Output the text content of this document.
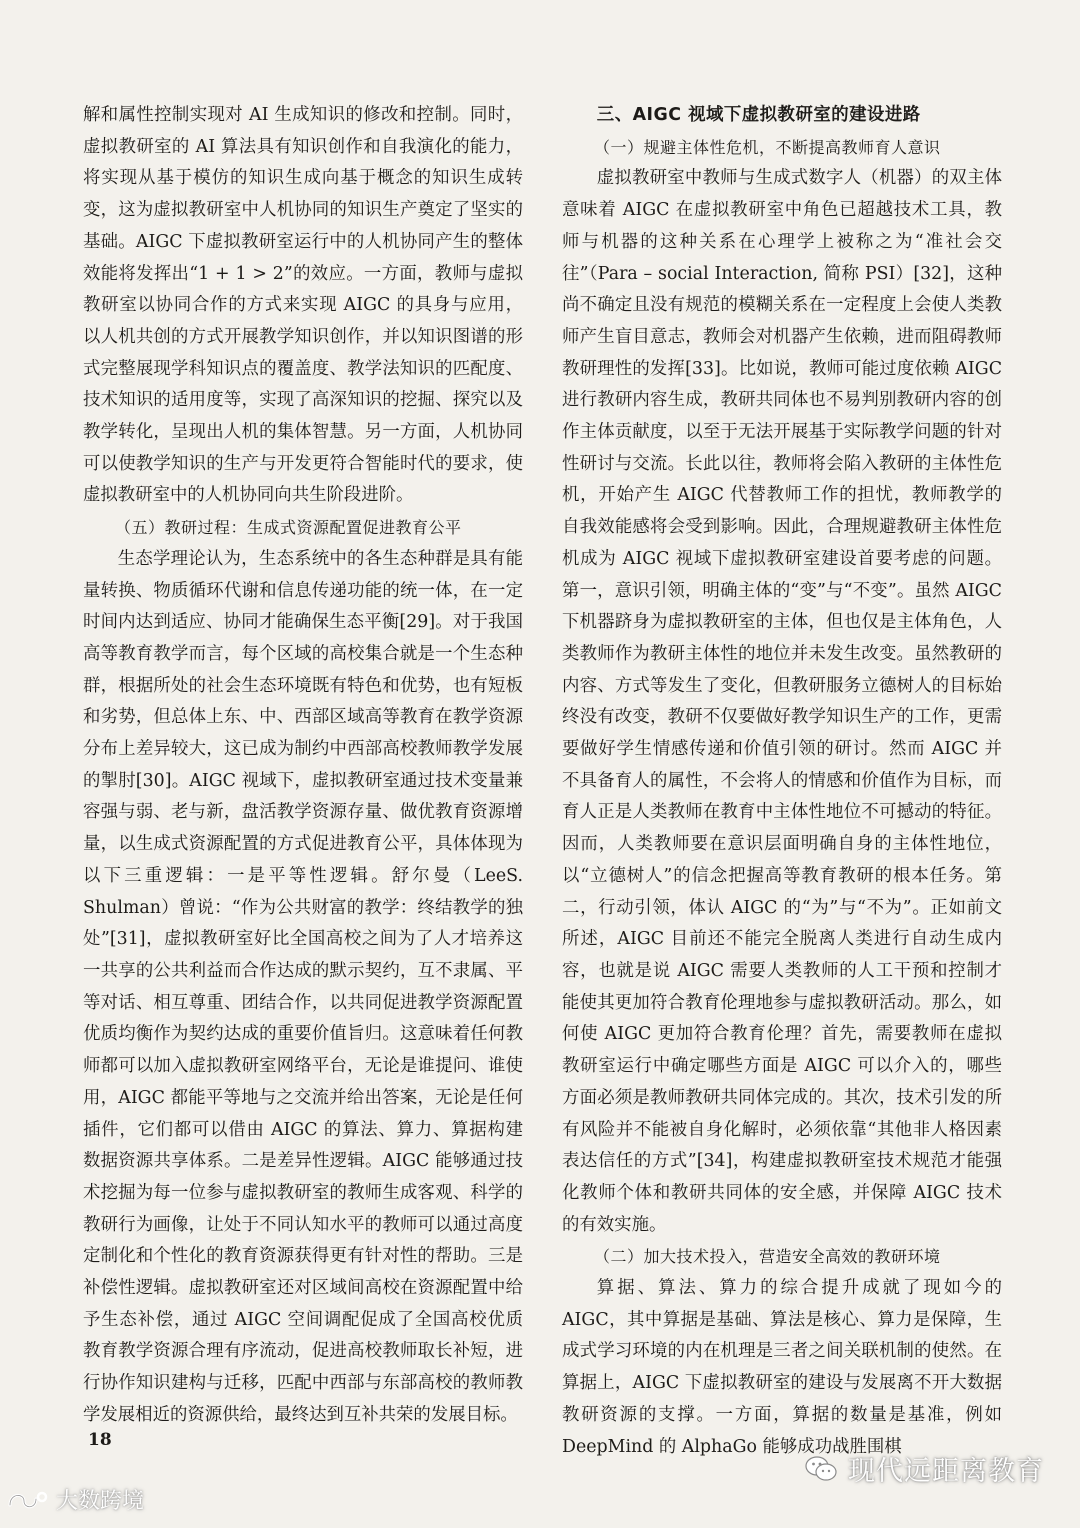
解和属性控制实现对 AI 生成知识的修改和控制。同时，虚拟教研室的 AI 算法具有知识创作和自我演化的能力，将实现从基于模仿的知识生成向基于概念的知识生成转变，这为虚拟教研室中人机协同的知识生产奠定了坚实的基础。AIGC 下虚拟教研室运行中的人机协同产生的整体效能将发挥出“1 + 1 > 2”的效应。一方面，教师与虚拟教研室以协同合作的方式来实现 AIGC 的具身与应用，以人机共创的方式开展教学知识创作，并以知识图谱的形式完整展现学科知识点的覆盖度、教学法知识的匹配度、技术知识的适用度等，实现了高深知识的挖掘、探究以及教学转化，呈现出人机的集体智慧。另一方面，人机协同可以使教学知识的生产与开发更符合智能时代的要求，使虚拟教研室中的人机协同向共生阶段进阶。

（五）教研过程：生成式资源配置促进教育公平

生态学理论认为，生态系统中的各生态种群是具有能量转换、物质循环代谢和信息传递功能的统一体，在一定时间内达到适应、协同才能确保生态平衡[29]。对于我国高等教育教学而言，每个区域的高校集合就是一个生态种群，根据所处的社会生态环境既有特色和优势，也有短板和劣势，但总体上东、中、西部区域高等教育在教学资源分布上差异较大，这已成为制约中西部高校教师教学发展的掣肘[30]。AIGC 视域下，虚拟教研室通过技术变量兼容强与弱、老与新，盘活教学资源存量、做优教育资源增量，以生成式资源配置的方式促进教育公平，具体体现为以下三重逻辑：一是平等性逻辑。舒尔曼（LeeS. Shulman）曾说：“作为公共财富的教学：终结教学的独处”[31]，虚拟教研室好比全国高校之间为了人才培养这一共享的公共利益而合作达成的默示契约，互不隶属、平等对话、相互尊重、团结合作，以共同促进教学资源配置优质均衡作为契约达成的重要价值旨归。这意味着任何教师都可以加入虚拟教研室网络平台，无论是谁提问、谁使用，AIGC 都能平等地与之交流并给出答案，无论是任何插件，它们都可以借由 AIGC 的算法、算力、算据构建数据资源共享体系。二是差异性逻辑。AIGC 能够通过技术挖掘为每一位参与虚拟教研室的教师生成客观、科学的教研行为画像，让处于不同认知水平的教师可以通过高度定制化和个性化的教育资源获得更有针对性的帮助。三是补偿性逻辑。虚拟教研室还对区域间高校在资源配置中给予生态补偿，通过 AIGC 空间调配促成了全国高校优质教育教学资源合理有序流动，促进高校教师取长补短，进行协作知识建构与迁移，匹配中西部与东部高校的教师教学发展相近的资源供给，最终达到互补共荣的发展目标。

三、AIGC 视域下虚拟教研室的建设进路

（一）规避主体性危机，不断提高教师育人意识

虚拟教研室中教师与生成式数字人（机器）的双主体意味着 AIGC 在虚拟教研室中角色已超越技术工具，教师与机器的这种关系在心理学上被称之为“准社会交往”（Para – social Interaction, 简称 PSI）[32]，这种尚不确定且没有规范的模糊关系在一定程度上会使人类教师产生盲目意志，教师会对机器产生依赖，进而阻碍教师教研理性的发挥[33]。比如说，教师可能过度依赖 AIGC 进行教研内容生成，教研共同体也不易判别教研内容的创作主体贡献度，以至于无法开展基于实际教学问题的针对性研讨与交流。长此以往，教师将会陷入教研的主体性危机，开始产生 AIGC 代替教师工作的担忧，教师教学的自我效能感将会受到影响。因此，合理规避教研主体性危机成为 AIGC 视域下虚拟教研室建设首要考虑的问题。第一，意识引领，明确主体的“变”与“不变”。虽然 AIGC 下机器跻身为虚拟教研室的主体，但也仅是主体角色，人类教师作为教研主体性的地位并未发生改变。虽然教研的内容、方式等发生了变化，但教研服务立德树人的目标始终没有改变，教研不仅要做好教学知识生产的工作，更需要做好学生情感传递和价值引领的研讨。然而 AIGC 并不具备育人的属性，不会将人的情感和价值作为目标，而育人正是人类教师在教育中主体性地位不可撼动的特征。因而，人类教师要在意识层面明确自身的主体性地位，以“立德树人”的信念把握高等教育教研的根本任务。第二，行动引领，体认 AIGC 的“为”与“不为”。正如前文所述，AIGC 目前还不能完全脱离人类进行自动生成内容，也就是说 AIGC 需要人类教师的人工干预和控制才能使其更加符合教育伦理地参与虚拟教研活动。那么，如何使 AIGC 更加符合教育伦理？首先，需要教师在虚拟教研室运行中确定哪些方面是 AIGC 可以介入的，哪些方面必须是教师教研共同体完成的。其次，技术引发的所有风险并不能被自身化解时，必须依靠“其他非人格因素表达信任的方式”[34]，构建虚拟教研室技术规范才能强化教师个体和教研共同体的安全感，并保障 AIGC 技术的有效实施。

（二）加大技术投入，营造安全高效的教研环境

算据、算法、算力的综合提升成就了现如今的 AIGC，其中算据是基础、算法是核心、算力是保障，生成式学习环境的内在机理是三者之间关联机制的使然。在算据上，AIGC 下虚拟教研室的建设与发展离不开大数据教研资源的支撑。一方面，算据的数量是基准，例如 DeepMind 的 AlphaGo 能够成功战胜围棋

18
现代远距离教育
大数跨境
